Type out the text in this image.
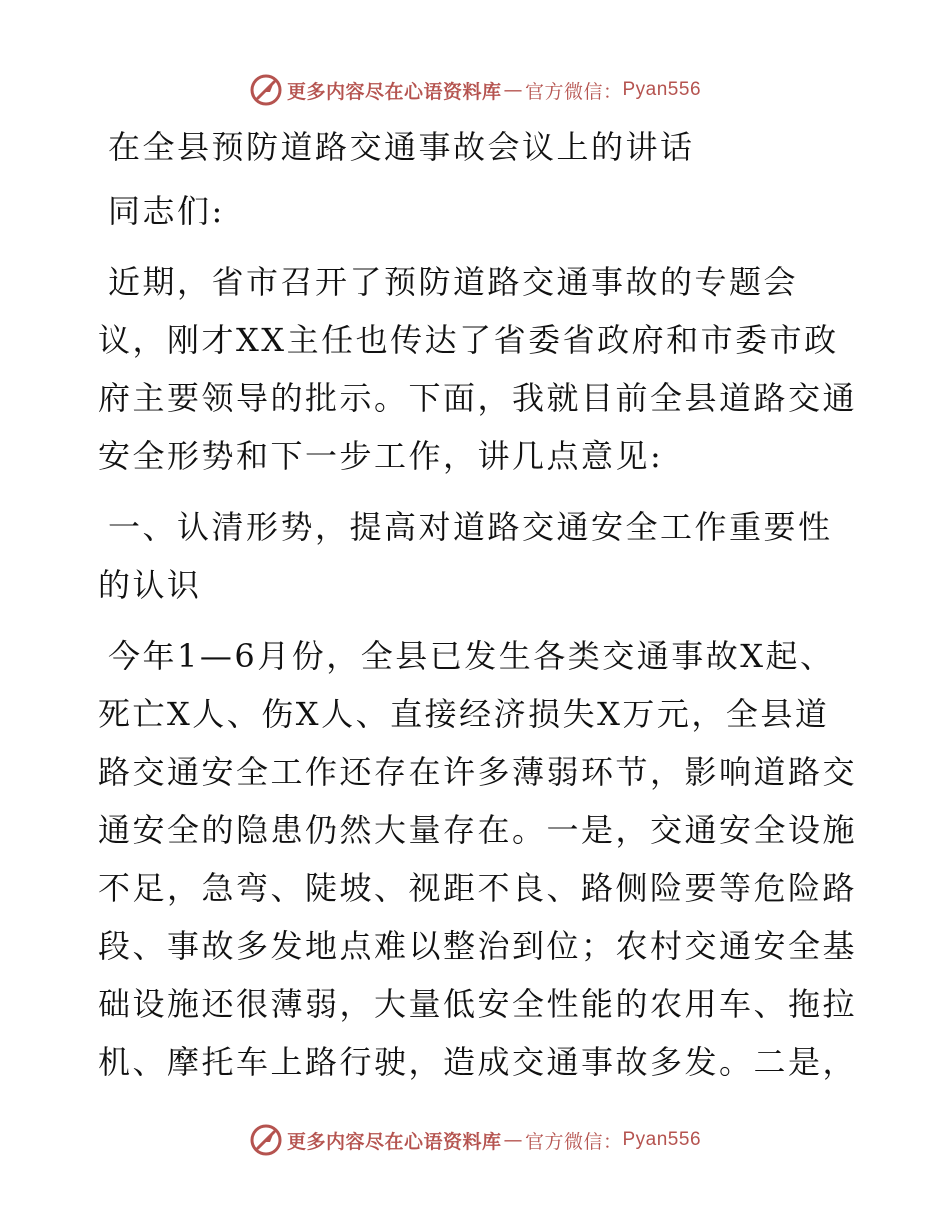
更多内容尽在心语资料库 — 官方微信： Pyan556

在全县预防道路交通事故会议上的讲话

同志们:

近期，省市召开了预防道路交通事故的专题会议，刚才XX主任也传达了省委省政府和市委市政府主要领导的批示。下面，我就目前全县道路交通安全形势和下一步工作，讲几点意见:

一、认清形势，提高对道路交通安全工作重要性的认识

今年1—6月份，全县已发生各类交通事故X起、死亡X人、伤X人、直接经济损失X万元，全县道路交通安全工作还存在许多薄弱环节，影响道路交通安全的隐患仍然大量存在。一是，交通安全设施不足，急弯、陡坡、视距不良、路侧险要等危险路段、事故多发地点难以整治到位；农村交通安全基础设施还很薄弱，大量低安全性能的农用车、拖拉机、摩托车上路行驶，造成交通事故多发。二是，

更多内容尽在心语资料库 — 官方微信： Pyan556
